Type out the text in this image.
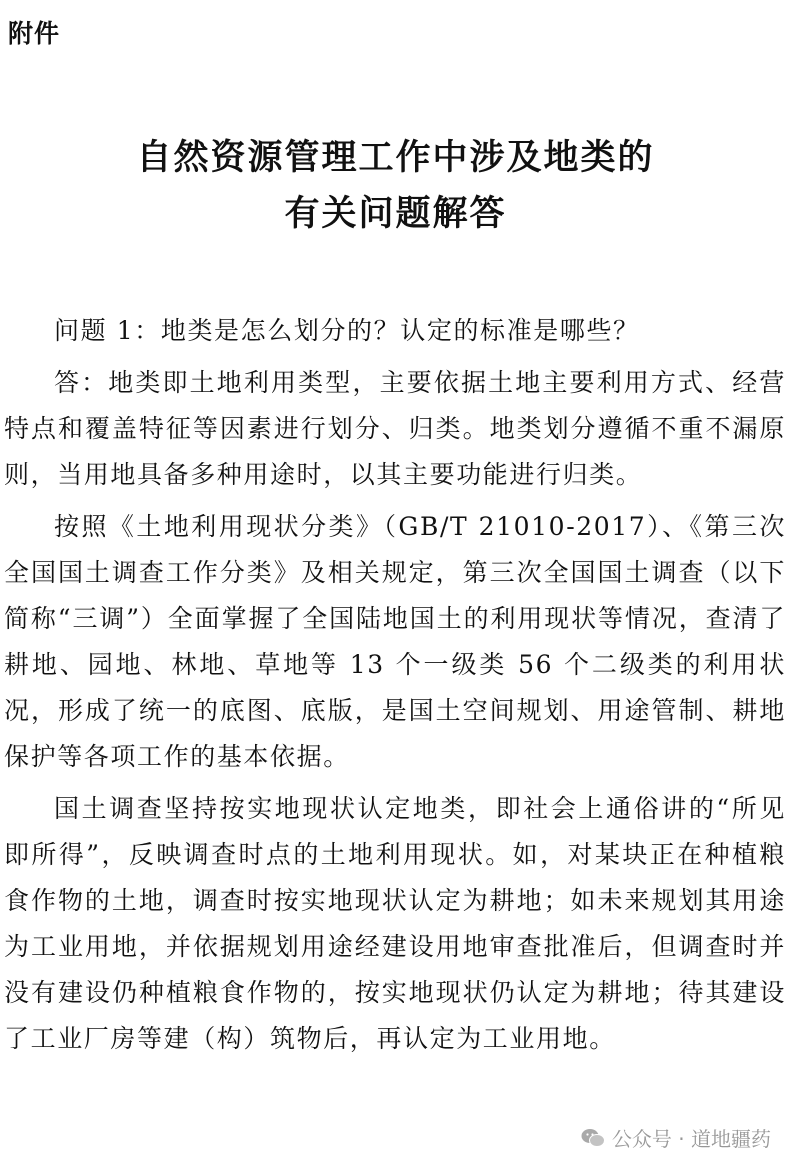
附件
自然资源管理工作中涉及地类的
有关问题解答

问题 1：地类是怎么划分的？认定的标准是哪些？

答：地类即土地利用类型，主要依据土地主要利用方式、经营特点和覆盖特征等因素进行划分、归类。地类划分遵循不重不漏原则，当用地具备多种用途时，以其主要功能进行归类。

按照《土地利用现状分类》（GB/T 21010-2017）、《第三次全国国土调查工作分类》及相关规定，第三次全国国土调查（以下简称“三调”）全面掌握了全国陆地国土的利用现状等情况，查清了耕地、园地、林地、草地等 13 个一级类 56 个二级类的利用状况，形成了统一的底图、底版，是国土空间规划、用途管制、耕地保护等各项工作的基本依据。

国土调查坚持按实地现状认定地类，即社会上通俗讲的“所见即所得”，反映调查时点的土地利用现状。如，对某块正在种植粮食作物的土地，调查时按实地现状认定为耕地；如未来规划其用途为工业用地，并依据规划用途经建设用地审查批准后，但调查时并没有建设仍种植粮食作物的，按实地现状仍认定为耕地；待其建设了工业厂房等建（构）筑物后，再认定为工业用地。

公众号 · 道地疆药
